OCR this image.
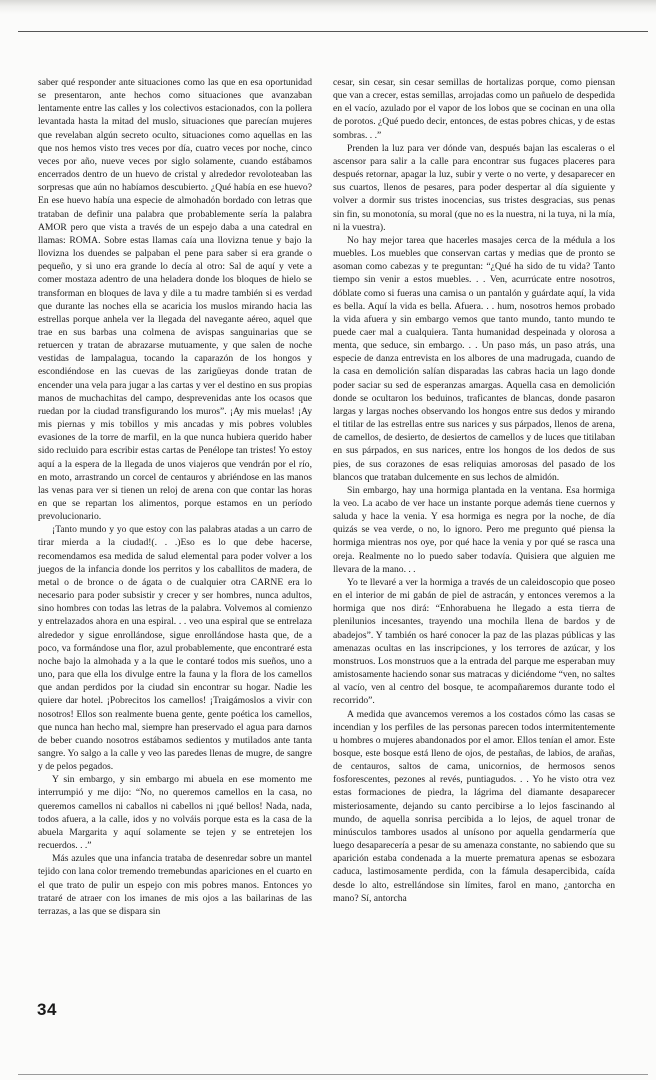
saber qué responder ante situaciones como las que en esa oportunidad se presentaron, ante hechos como situaciones que avanzaban lentamente entre las calles y los colectivos estacionados, con la pollera levantada hasta la mitad del muslo, situaciones que parecían mujeres que revelaban algún secreto oculto, situaciones como aquellas en las que nos hemos visto tres veces por día, cuatro veces por noche, cinco veces por año, nueve veces por siglo solamente, cuando estábamos encerrados dentro de un huevo de cristal y alrededor revoloteaban las sorpresas que aún no habíamos descubierto. ¿Qué había en ese huevo? En ese huevo había una especie de almohadón bordado con letras que trataban de definir una palabra que probablemente sería la palabra AMOR pero que vista a través de un espejo daba a una catedral en llamas: ROMA. Sobre estas llamas caía una llovizna tenue y bajo la llovizna los duendes se palpaban el pene para saber si era grande o pequeño, y si uno era grande lo decía al otro: Sal de aquí y vete a comer mostaza adentro de una heladera donde los bloques de hielo se transforman en bloques de lava y dile a tu madre también si es verdad que durante las noches ella se acaricia los muslos mirando hacia las estrellas porque anhela ver la llegada del navegante aéreo, aquel que trae en sus barbas una colmena de avispas sanguinarias que se retuercen y tratan de abrazarse mutuamente, y que salen de noche vestidas de lampalagua, tocando la caparazón de los hongos y escondiéndose en las cuevas de las zarigüeyas donde tratan de encender una vela para jugar a las cartas y ver el destino en sus propias manos de muchachitas del campo, desprevenidas ante los ocasos que ruedan por la ciudad transfigurando los muros”. ¡Ay mis muelas! ¡Ay mis piernas y mis tobillos y mis ancadas y mis pobres volubles evasiones de la torre de marfil, en la que nunca hubiera querido haber sido recluido para escribir estas cartas de Penélope tan tristes! Yo estoy aquí a la espera de la llegada de unos viajeros que vendrán por el río, en moto, arrastrando un corcel de centauros y abriéndose en las manos las venas para ver si tienen un reloj de arena con que contar las horas en que se repartan los alimentos, porque estamos en un período prevolucionario.

¡Tanto mundo y yo que estoy con las palabras atadas a un carro de tirar mierda a la ciudad!(. . .)Eso es lo que debe hacerse, recomendamos esa medida de salud elemental para poder volver a los juegos de la infancia donde los perritos y los caballitos de madera, de metal o de bronce o de ágata o de cualquier otra CARNE era lo necesario para poder subsistir y crecer y ser hombres, nunca adultos, sino hombres con todas las letras de la palabra. Volvemos al comienzo y entrelazados ahora en una espiral. . . veo una espiral que se entrelaza alrededor y sigue enrollándose, sigue enrollándose hasta que, de a poco, va formándose una flor, azul probablemente, que encontraré esta noche bajo la almohada y a la que le contaré todos mis sueños, uno a uno, para que ella los divulge entre la fauna y la flora de los camellos que andan perdidos por la ciudad sin encontrar su hogar. Nadie les quiere dar hotel. ¡Pobrecitos los camellos! ¡Traigámoslos a vivir con nosotros! Ellos son realmente buena gente, gente poética los camellos, que nunca han hecho mal, siempre han preservado el agua para darnos de beber cuando nosotros estábamos sedientos y mutilados ante tanta sangre. Yo salgo a la calle y veo las paredes llenas de mugre, de sangre y de pelos pegados.

Y sin embargo, y sin embargo mi abuela en ese momento me interrumpió y me dijo: “No, no queremos camellos en la casa, no queremos camellos ni caballos ni cabellos ni ¡qué bellos! Nada, nada, todos afuera, a la calle, idos y no volváis porque esta es la casa de la abuela Margarita y aquí solamente se tejen y se entretejen los recuerdos. . .”

Más azules que una infancia trataba de desenredar sobre un mantel tejido con lana color tremendo tremebundas apariciones en el cuarto en el que trato de pulir un espejo con mis pobres manos. Entonces yo trataré de atraer con los imanes de mis ojos a las bailarinas de las terrazas, a las que se dispara sin

cesar, sin cesar, sin cesar semillas de hortalizas porque, como piensan que van a crecer, estas semillas, arrojadas como un pañuelo de despedida en el vacío, azulado por el vapor de los lobos que se cocinan en una olla de porotos. ¿Qué puedo decir, entonces, de estas pobres chicas, y de estas sombras. . .”

Prenden la luz para ver dónde van, después bajan las escaleras o el ascensor para salir a la calle para encontrar sus fugaces placeres para después retornar, apagar la luz, subir y verte o no verte, y desaparecer en sus cuartos, llenos de pesares, para poder despertar al día siguiente y volver a dormir sus tristes inocencias, sus tristes desgracias, sus penas sin fin, su monotonía, su moral (que no es la nuestra, ni la tuya, ni la mía, ni la vuestra).

No hay mejor tarea que hacerles masajes cerca de la médula a los muebles. Los muebles que conservan cartas y medias que de pronto se asoman como cabezas y te preguntan: “¿Qué ha sido de tu vida? Tanto tiempo sin venir a estos muebles. . . Ven, acurrúcate entre nosotros, dóblate como si fueras una camisa o un pantalón y guárdate aquí, la vida es bella. Aquí la vida es bella. Afuera. . . hum, nosotros hemos probado la vida afuera y sin embargo vemos que tanto mundo, tanto mundo te puede caer mal a cualquiera. Tanta humanidad despeinada y olorosa a menta, que seduce, sin embargo. . . Un paso más, un paso atrás, una especie de danza entrevista en los albores de una madrugada, cuando de la casa en demolición salían disparadas las cabras hacia un lago donde poder saciar su sed de esperanzas amargas. Aquella casa en demolición donde se ocultaron los beduinos, traficantes de blancas, donde pasaron largas y largas noches observando los hongos entre sus dedos y mirando el titilar de las estrellas entre sus narices y sus párpados, llenos de arena, de camellos, de desierto, de desiertos de camellos y de luces que titilaban en sus párpados, en sus narices, entre los hongos de los dedos de sus pies, de sus corazones de esas reliquias amorosas del pasado de los blancos que trataban dulcemente en sus lechos de almidón.

Sin embargo, hay una hormiga plantada en la ventana. Esa hormiga la veo. La acabo de ver hace un instante porque además tiene cuernos y saluda y hace la venia. Y esa hormiga es negra por la noche, de día quizás se vea verde, o no, lo ignoro. Pero me pregunto qué piensa la hormiga mientras nos oye, por qué hace la venia y por qué se rasca una oreja. Realmente no lo puedo saber todavía. Quisiera que alguien me llevara de la mano. . .

Yo te llevaré a ver la hormiga a través de un caleidoscopio que poseo en el interior de mi gabán de piel de astracán, y entonces veremos a la hormiga que nos dirá: “Enhorabuena he llegado a esta tierra de plenilunios incesantes, trayendo una mochila llena de bardos y de abadejos”. Y también os haré conocer la paz de las plazas públicas y las amenazas ocultas en las inscripciones, y los terrores de azúcar, y los monstruos. Los monstruos que a la entrada del parque me esperaban muy amistosamente haciendo sonar sus matracas y diciéndome “ven, no saltes al vacío, ven al centro del bosque, te acompañaremos durante todo el recorrido”.

A medida que avancemos veremos a los costados cómo las casas se incendian y los perfiles de las personas parecen todos intermitentemente u hombres o mujeres abandonados por el amor. Ellos tenían el amor. Este bosque, este bosque está lleno de ojos, de pestañas, de labios, de arañas, de centauros, saltos de cama, unicornios, de hermosos senos fosforescentes, pezones al revés, puntiagudos. . . Yo he visto otra vez estas formaciones de piedra, la lágrima del diamante desaparecer misteriosamente, dejando su canto percibirse a lo lejos fascinando al mundo, de aquella sonrisa percibida a lo lejos, de aquel tronar de minúsculos tambores usados al unísono por aquella gendarmería que luego desaparecería a pesar de su amenaza constante, no sabiendo que su aparición estaba condenada a la muerte prematura apenas se esbozara caduca, lastimosamente perdida, con la fámula desapercibida, caída desde lo alto, estrellándose sin límites, farol en mano, ¿antorcha en mano? Sí, antorcha

34
